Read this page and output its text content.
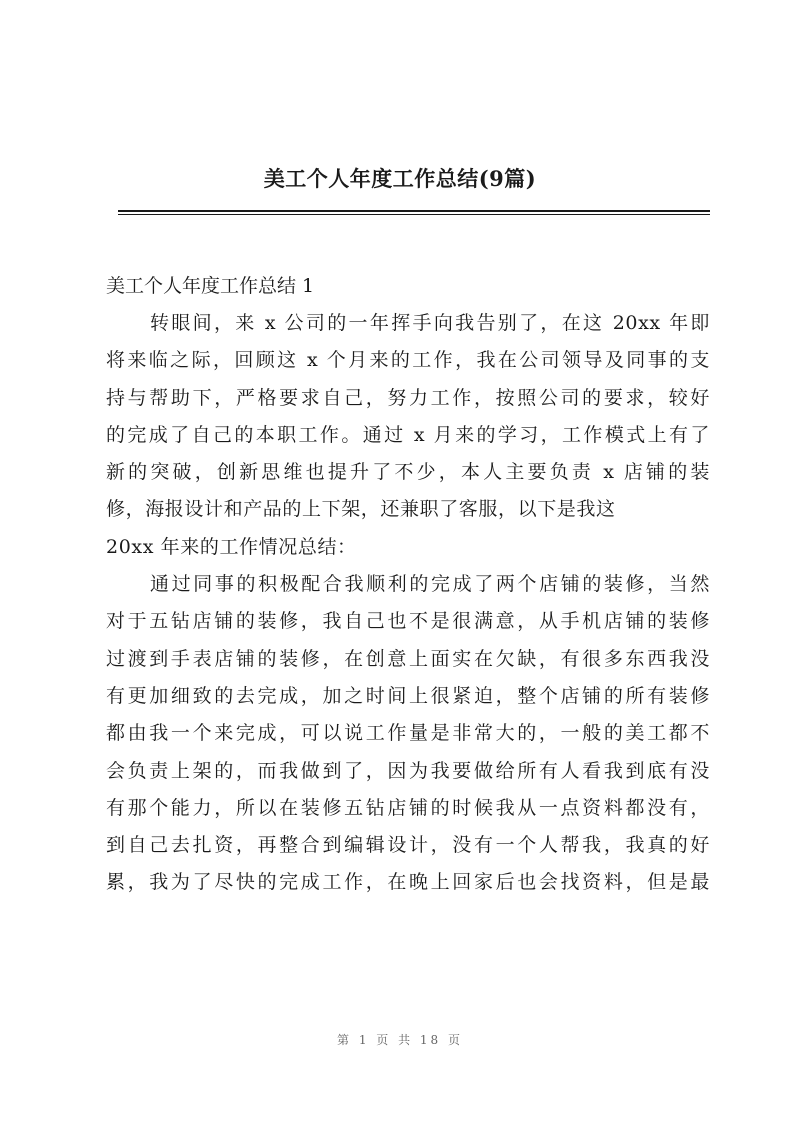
美工个人年度工作总结(9篇)
美工个人年度工作总结 1
转眼间，来 x 公司的一年挥手向我告别了，在这 20xx 年即
将来临之际，回顾这 x 个月来的工作，我在公司领导及同事的支
持与帮助下，严格要求自己，努力工作，按照公司的要求，较好
的完成了自己的本职工作。通过 x 月来的学习，工作模式上有了
新的突破，创新思维也提升了不少，本人主要负责 x 店铺的装
修，海报设计和产品的上下架，还兼职了客服，以下是我这
20xx 年来的工作情况总结：
通过同事的积极配合我顺利的完成了两个店铺的装修，当然
对于五钻店铺的装修，我自己也不是很满意，从手机店铺的装修
过渡到手表店铺的装修，在创意上面实在欠缺，有很多东西我没
有更加细致的去完成，加之时间上很紧迫，整个店铺的所有装修
都由我一个来完成，可以说工作量是非常大的，一般的美工都不
会负责上架的，而我做到了，因为我要做给所有人看我到底有没
有那个能力，所以在装修五钻店铺的时候我从一点资料都没有，
到自己去扎资，再整合到编辑设计，没有一个人帮我，我真的好
累，我为了尽快的完成工作，在晚上回家后也会找资料，但是最
第 1 页 共 18 页
